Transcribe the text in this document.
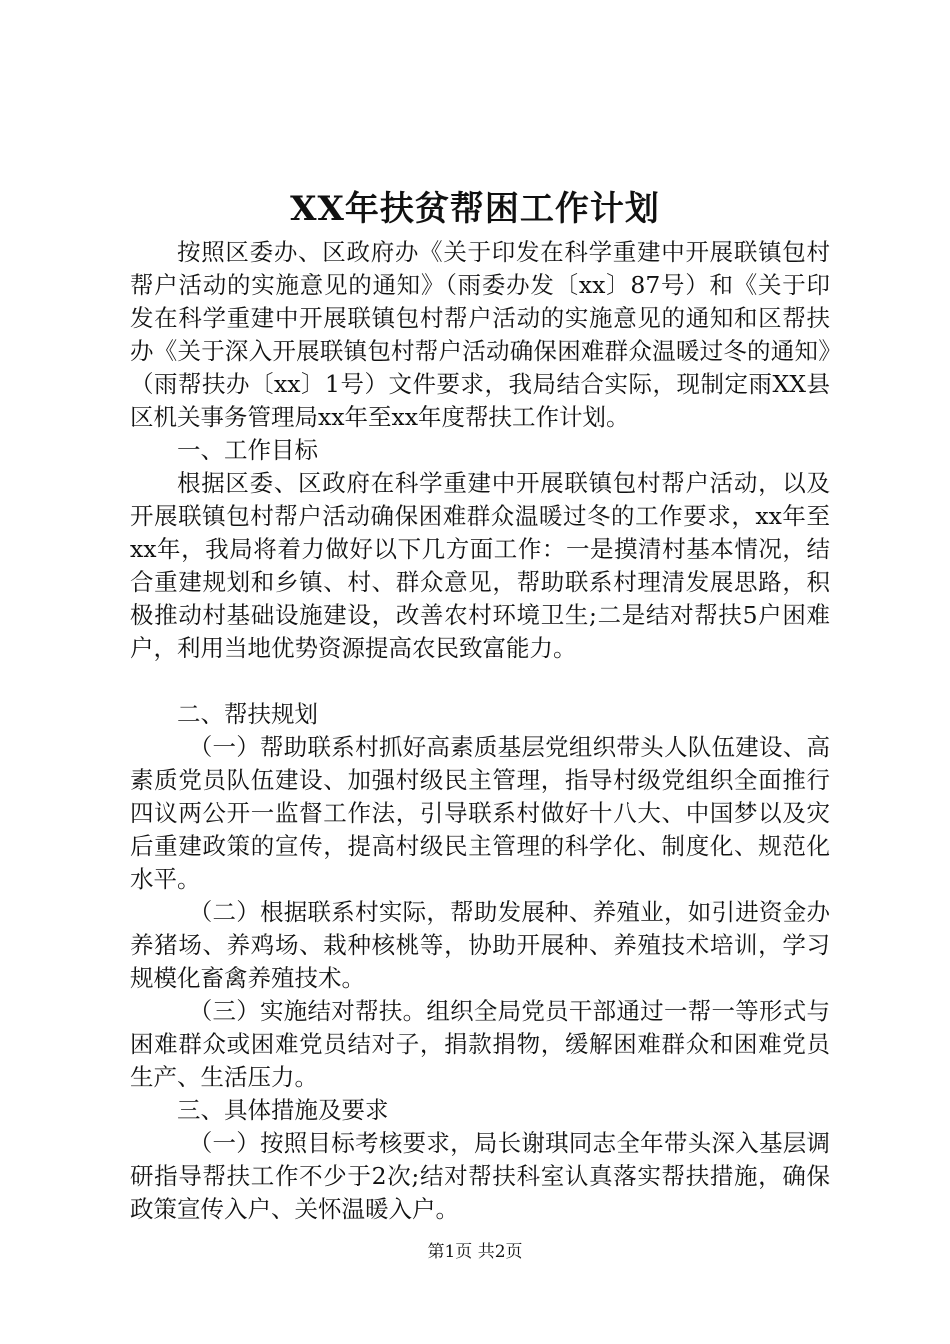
XX年扶贫帮困工作计划

按照区委办、区政府办《关于印发在科学重建中开展联镇包村帮户活动的实施意见的通知》（雨委办发〔xx〕87号）和《关于印发在科学重建中开展联镇包村帮户活动的实施意见的通知和区帮扶办《关于深入开展联镇包村帮户活动确保困难群众温暖过冬的通知》（雨帮扶办〔xx〕1号）文件要求，我局结合实际，现制定雨XX县区机关事务管理局xx年至xx年度帮扶工作计划。

一、工作目标

根据区委、区政府在科学重建中开展联镇包村帮户活动，以及开展联镇包村帮户活动确保困难群众温暖过冬的工作要求，xx年至xx年，我局将着力做好以下几方面工作：一是摸清村基本情况，结合重建规划和乡镇、村、群众意见，帮助联系村理清发展思路，积极推动村基础设施建设，改善农村环境卫生;二是结对帮扶5户困难户，利用当地优势资源提高农民致富能力。

二、帮扶规划

（一）帮助联系村抓好高素质基层党组织带头人队伍建设、高素质党员队伍建设、加强村级民主管理，指导村级党组织全面推行四议两公开一监督工作法，引导联系村做好十八大、中国梦以及灾后重建政策的宣传，提高村级民主管理的科学化、制度化、规范化水平。

（二）根据联系村实际，帮助发展种、养殖业，如引进资金办养猪场、养鸡场、栽种核桃等，协助开展种、养殖技术培训，学习规模化畜禽养殖技术。

（三）实施结对帮扶。组织全局党员干部通过一帮一等形式与困难群众或困难党员结对子，捐款捐物，缓解困难群众和困难党员生产、生活压力。

三、具体措施及要求

（一）按照目标考核要求，局长谢琪同志全年带头深入基层调研指导帮扶工作不少于2次;结对帮扶科室认真落实帮扶措施，确保政策宣传入户、关怀温暖入户。

第1页 共2页
